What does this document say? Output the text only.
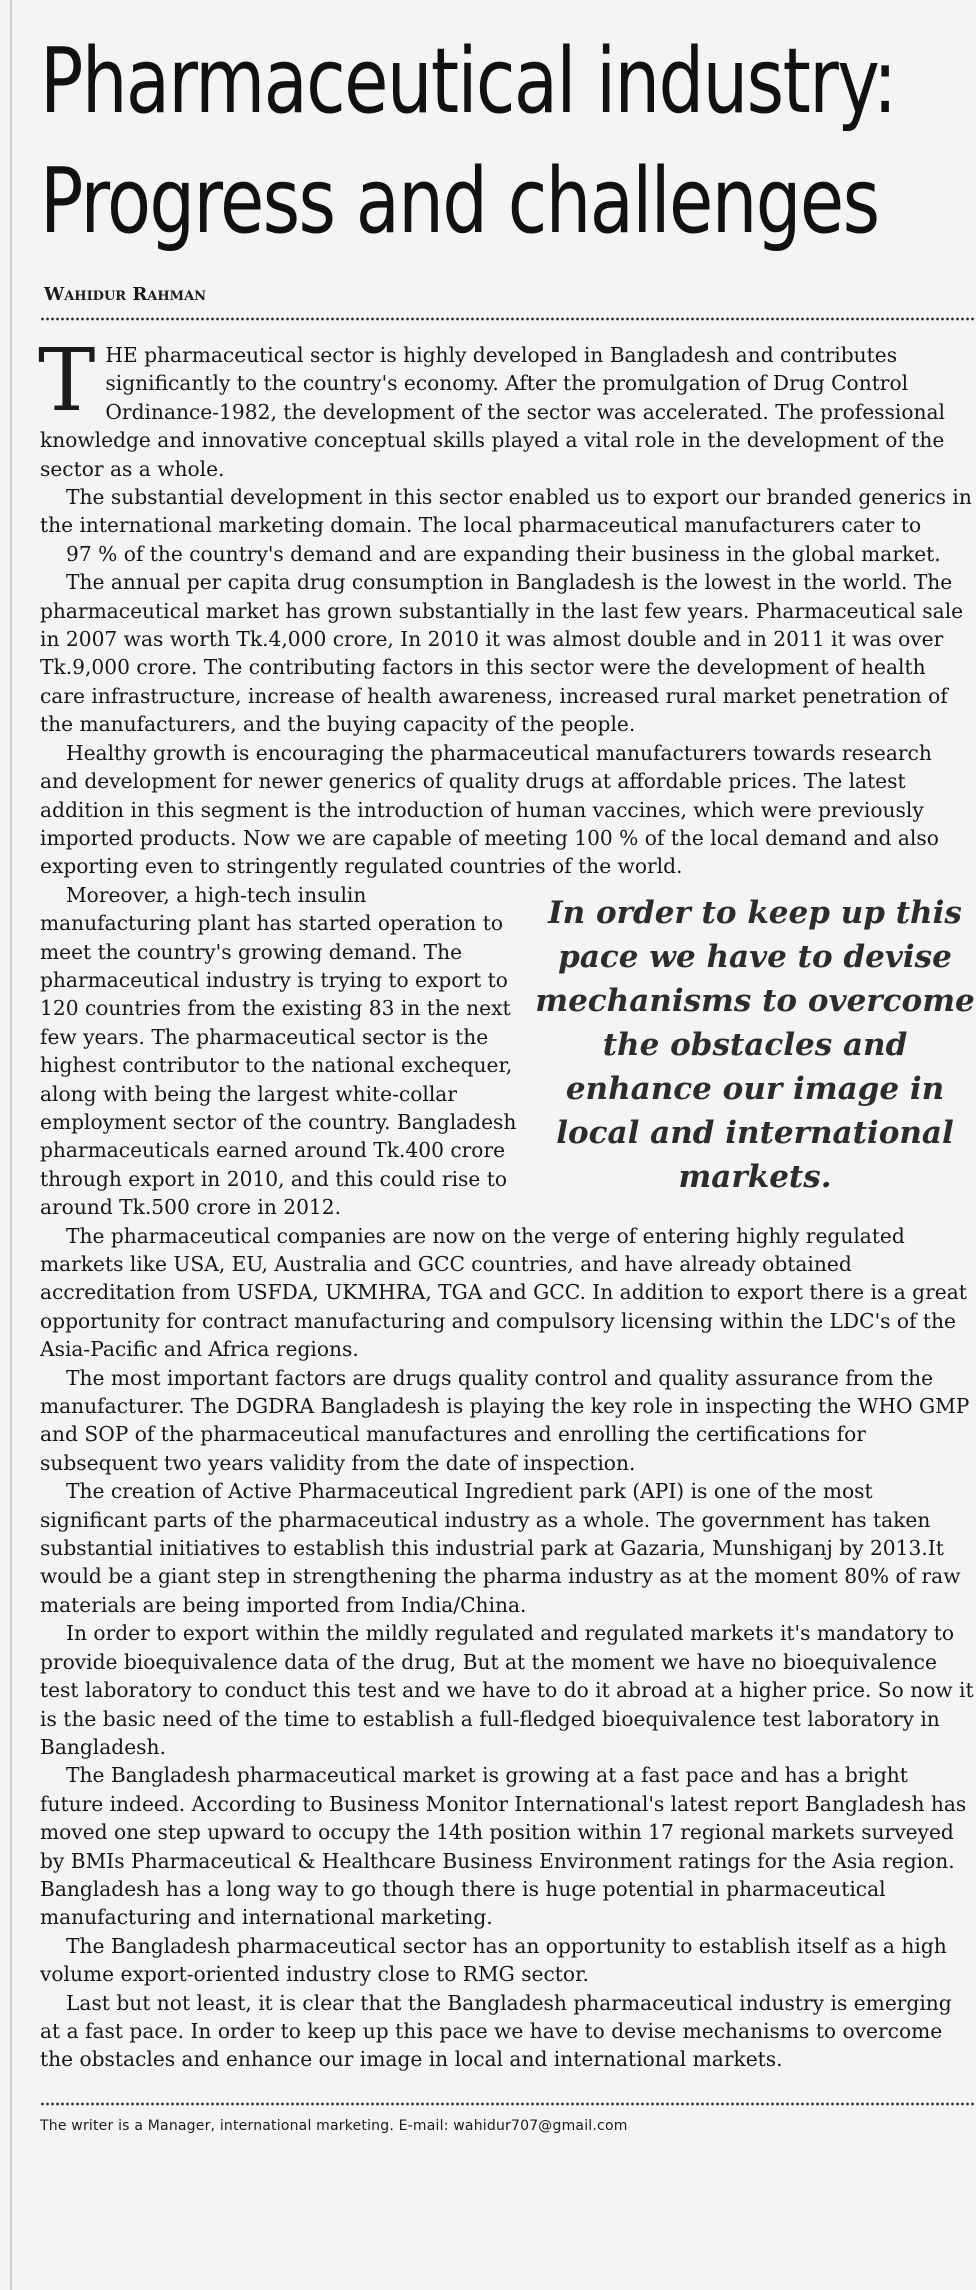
Pharmaceutical industry:
Progress and challenges
Wahidur Rahman

THE pharmaceutical sector is highly developed in Bangladesh and contributes significantly to the country's economy. After the promulgation of Drug Control Ordinance-1982, the development of the sector was accelerated. The professional knowledge and innovative conceptual skills played a vital role in the development of the sector as a whole.

The substantial development in this sector enabled us to export our branded generics in the international marketing domain. The local pharmaceutical manufacturers cater to

97 % of the country's demand and are expanding their business in the global market.

The annual per capita drug consumption in Bangladesh is the lowest in the world. The pharmaceutical market has grown substantially in the last few years. Pharmaceutical sale in 2007 was worth Tk.4,000 crore, In 2010 it was almost double and in 2011 it was over Tk.9,000 crore. The contributing factors in this sector were the development of health care infrastructure, increase of health awareness, increased rural market penetration of the manufacturers, and the buying capacity of the people.

Healthy growth is encouraging the pharmaceutical manufacturers towards research and development for newer generics of quality drugs at affordable prices. The latest addition in this segment is the introduction of human vaccines, which were previously imported products. Now we are capable of meeting 100 % of the local demand and also exporting even to stringently regulated countries of the world.

In order to keep up this pace we have to devise mechanisms to overcome the obstacles and enhance our image in local and international markets.

Moreover, a high-tech insulin manufacturing plant has started operation to meet the country's growing demand. The pharmaceutical industry is trying to export to 120 countries from the existing 83 in the next few years. The pharmaceutical sector is the highest contributor to the national exchequer, along with being the largest white-collar employment sector of the country. Bangladesh pharmaceuticals earned around Tk.400 crore through export in 2010, and this could rise to around Tk.500 crore in 2012.

The pharmaceutical companies are now on the verge of entering highly regulated markets like USA, EU, Australia and GCC countries, and have already obtained accreditation from USFDA, UKMHRA, TGA and GCC. In addition to export there is a great opportunity for contract manufacturing and compulsory licensing within the LDC's of the Asia-Pacific and Africa regions.

The most important factors are drugs quality control and quality assurance from the manufacturer. The DGDRA Bangladesh is playing the key role in inspecting the WHO GMP and SOP of the pharmaceutical manufactures and enrolling the certifications for subsequent two years validity from the date of inspection.

The creation of Active Pharmaceutical Ingredient park (API) is one of the most significant parts of the pharmaceutical industry as a whole. The government has taken substantial initiatives to establish this industrial park at Gazaria, Munshiganj by 2013.It would be a giant step in strengthening the pharma industry as at the moment 80% of raw materials are being imported from India/China.

In order to export within the mildly regulated and regulated markets it's mandatory to provide bioequivalence data of the drug, But at the moment we have no bioequivalence test laboratory to conduct this test and we have to do it abroad at a higher price. So now it is the basic need of the time to establish a full-fledged bioequivalence test laboratory in Bangladesh.

The Bangladesh pharmaceutical market is growing at a fast pace and has a bright future indeed. According to Business Monitor International's latest report Bangladesh has moved one step upward to occupy the 14th position within 17 regional markets surveyed by BMIs Pharmaceutical & Healthcare Business Environment ratings for the Asia region. Bangladesh has a long way to go though there is huge potential in pharmaceutical manufacturing and international marketing.

The Bangladesh pharmaceutical sector has an opportunity to establish itself as a high volume export-oriented industry close to RMG sector.

Last but not least, it is clear that the Bangladesh pharmaceutical industry is emerging at a fast pace. In order to keep up this pace we have to devise mechanisms to overcome the obstacles and enhance our image in local and international markets.

The writer is a Manager, international marketing. E-mail: wahidur707@gmail.com
